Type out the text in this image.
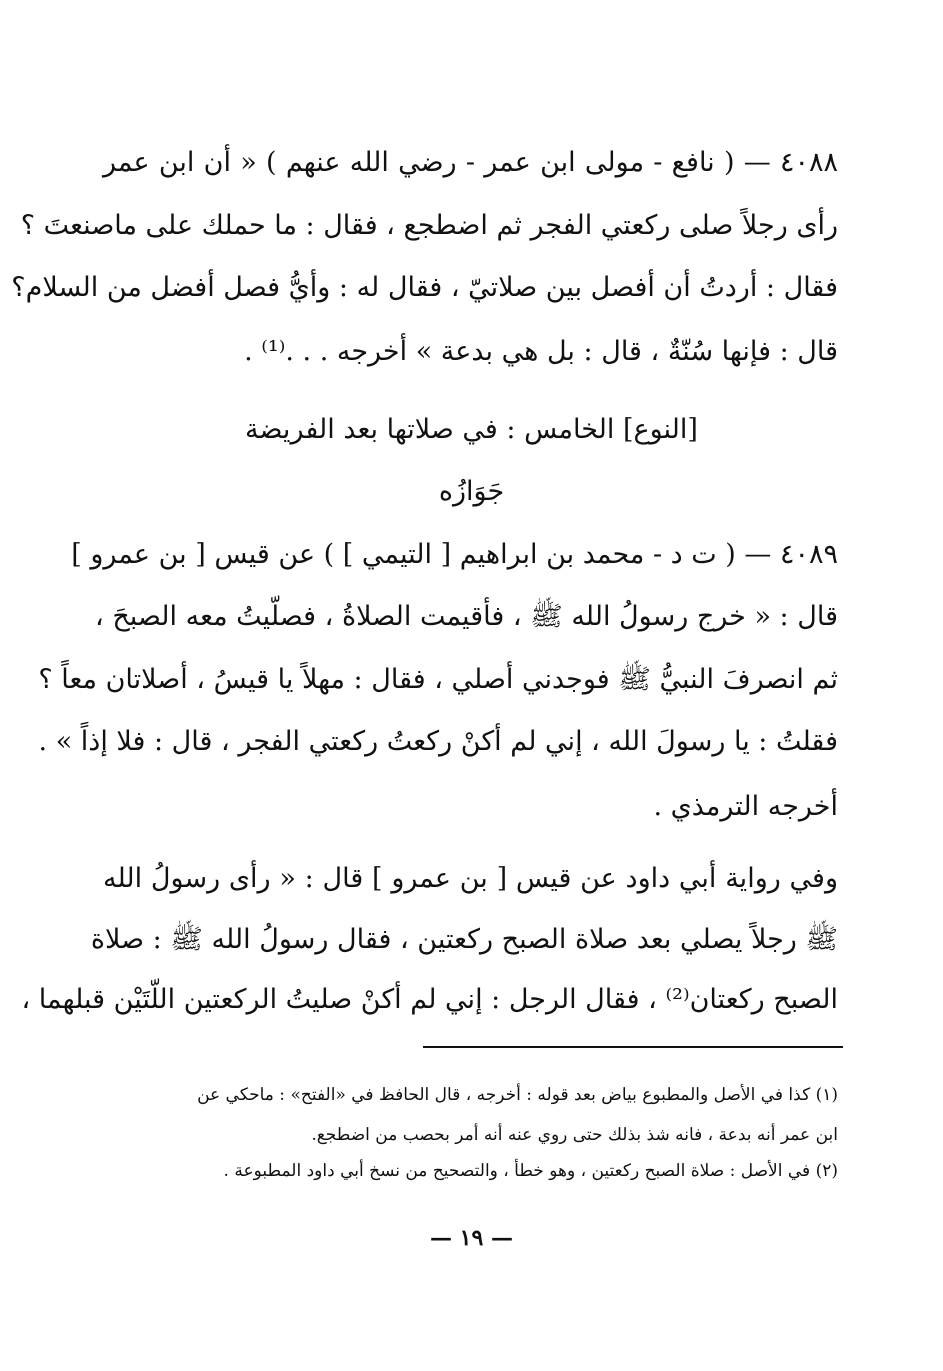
٤٠٨٨ — ( نافع - مولى ابن عمر - رضي الله عنهم ) « أن ابن عمر
رأى رجلاً صلى ركعتي الفجر ثم اضطجع ، فقال : ما حملك على ماصنعتَ ؟
فقال : أردتُ أن أفصل بين صلاتيّ ، فقال له : وأيُّ فصل أفضل من السلام؟
قال : فإنها سُنّةٌ ، قال : بل هي بدعة » أخرجه . . .⁽¹⁾ .
[النوع] الخامس : في صلاتها بعد الفريضة
جَوَازُه
٤٠٨٩ — ( ت د - محمد بن ابراهيم [ التيمي ] ) عن قيس [ بن عمرو ]
قال : « خرج رسولُ الله ﷺ ، فأقيمت الصلاةُ ، فصلّيتُ معه الصبحَ ،
ثم انصرفَ النبيُّ ﷺ فوجدني أصلي ، فقال : مهلاً يا قيسُ ، أصلاتان معاً ؟
فقلتُ : يا رسولَ الله ، إني لم أكنْ ركعتُ ركعتي الفجر ، قال : فلا إذاً » .
أخرجه الترمذي .
وفي رواية أبي داود عن قيس [ بن عمرو ] قال : « رأى رسولُ الله
ﷺ رجلاً يصلي بعد صلاة الصبح ركعتين ، فقال رسولُ الله ﷺ : صلاة
الصبح ركعتان⁽²⁾ ، فقال الرجل : إني لم أكنْ صليتُ الركعتين اللّتَيْن قبلهما ،
(١) كذا في الأصل والمطبوع بياض بعد قوله : أخرجه ، قال الحافظ في «الفتح» : ماحكي عن
ابن عمر أنه بدعة ، فانه شذ بذلك حتى روي عنه أنه أمر بحصب من اضطجع.
(٢) في الأصل : صلاة الصبح ركعتين ، وهو خطأ ، والتصحيح من نسخ أبي داود المطبوعة .
— ١٩ —
